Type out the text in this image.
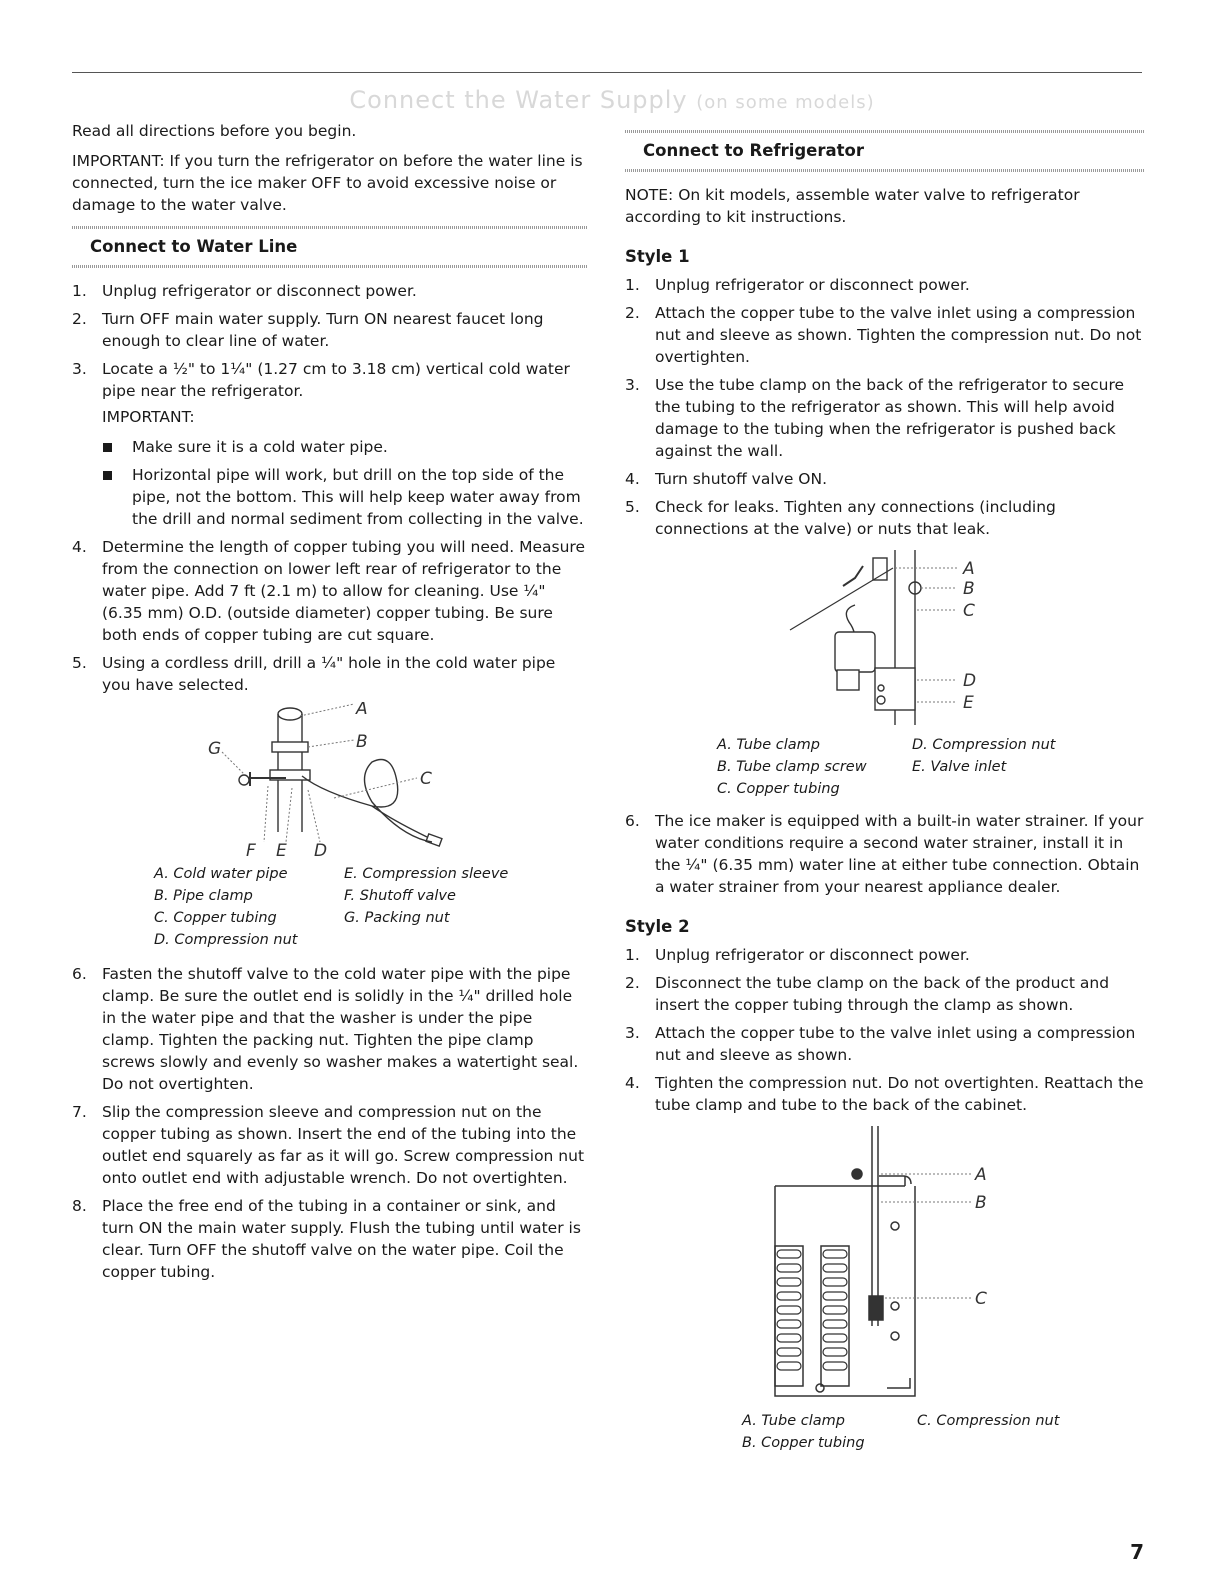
Connect the Water Supply (on some models)

Read all directions before you begin.

IMPORTANT: If you turn the refrigerator on before the water line is connected, turn the ice maker OFF to avoid excessive noise or damage to the water valve.

Connect to Water Line
1. Unplug refrigerator or disconnect power.
2. Turn OFF main water supply. Turn ON nearest faucet long enough to clear line of water.
3. Locate a ½" to 1¼" (1.27 cm to 3.18 cm) vertical cold water pipe near the refrigerator.
IMPORTANT:
Make sure it is a cold water pipe.
Horizontal pipe will work, but drill on the top side of the pipe, not the bottom. This will help keep water away from the drill and normal sediment from collecting in the valve.
4. Determine the length of copper tubing you will need. Measure from the connection on lower left rear of refrigerator to the water pipe. Add 7 ft (2.1 m) to allow for cleaning. Use ¼" (6.35 mm) O.D. (outside diameter) copper tubing. Be sure both ends of copper tubing are cut square.
5. Using a cordless drill, drill a ¼" hole in the cold water pipe you have selected.
A
B
C
G
F E D
A. Cold water pipe	E. Compression sleeve
B. Pipe clamp	F. Shutoff valve
C. Copper tubing	G. Packing nut
D. Compression nut
6. Fasten the shutoff valve to the cold water pipe with the pipe clamp. Be sure the outlet end is solidly in the ¼" drilled hole in the water pipe and that the washer is under the pipe clamp. Tighten the packing nut. Tighten the pipe clamp screws slowly and evenly so washer makes a watertight seal. Do not overtighten.
7. Slip the compression sleeve and compression nut on the copper tubing as shown. Insert the end of the tubing into the outlet end squarely as far as it will go. Screw compression nut onto outlet end with adjustable wrench. Do not overtighten.
8. Place the free end of the tubing in a container or sink, and turn ON the main water supply. Flush the tubing until water is clear. Turn OFF the shutoff valve on the water pipe. Coil the copper tubing.
Connect to Refrigerator

NOTE: On kit models, assemble water valve to refrigerator according to kit instructions.

Style 1
1. Unplug refrigerator or disconnect power.
2. Attach the copper tube to the valve inlet using a compression nut and sleeve as shown. Tighten the compression nut. Do not overtighten.
3. Use the tube clamp on the back of the refrigerator to secure the tubing to the refrigerator as shown. This will help avoid damage to the tubing when the refrigerator is pushed back against the wall.
4. Turn shutoff valve ON.
5. Check for leaks. Tighten any connections (including connections at the valve) or nuts that leak.
A
B
C
D
E
A. Tube clamp	D. Compression nut
B. Tube clamp screw	E. Valve inlet
C. Copper tubing
6. The ice maker is equipped with a built-in water strainer. If your water conditions require a second water strainer, install it in the ¼" (6.35 mm) water line at either tube connection. Obtain a water strainer from your nearest appliance dealer.
Style 2
1. Unplug refrigerator or disconnect power.
2. Disconnect the tube clamp on the back of the product and insert the copper tubing through the clamp as shown.
3. Attach the copper tube to the valve inlet using a compression nut and sleeve as shown.
4. Tighten the compression nut. Do not overtighten. Reattach the tube clamp and tube to the back of the cabinet.
A
B
C
A. Tube clamp	C. Compression nut
B. Copper tubing
7
